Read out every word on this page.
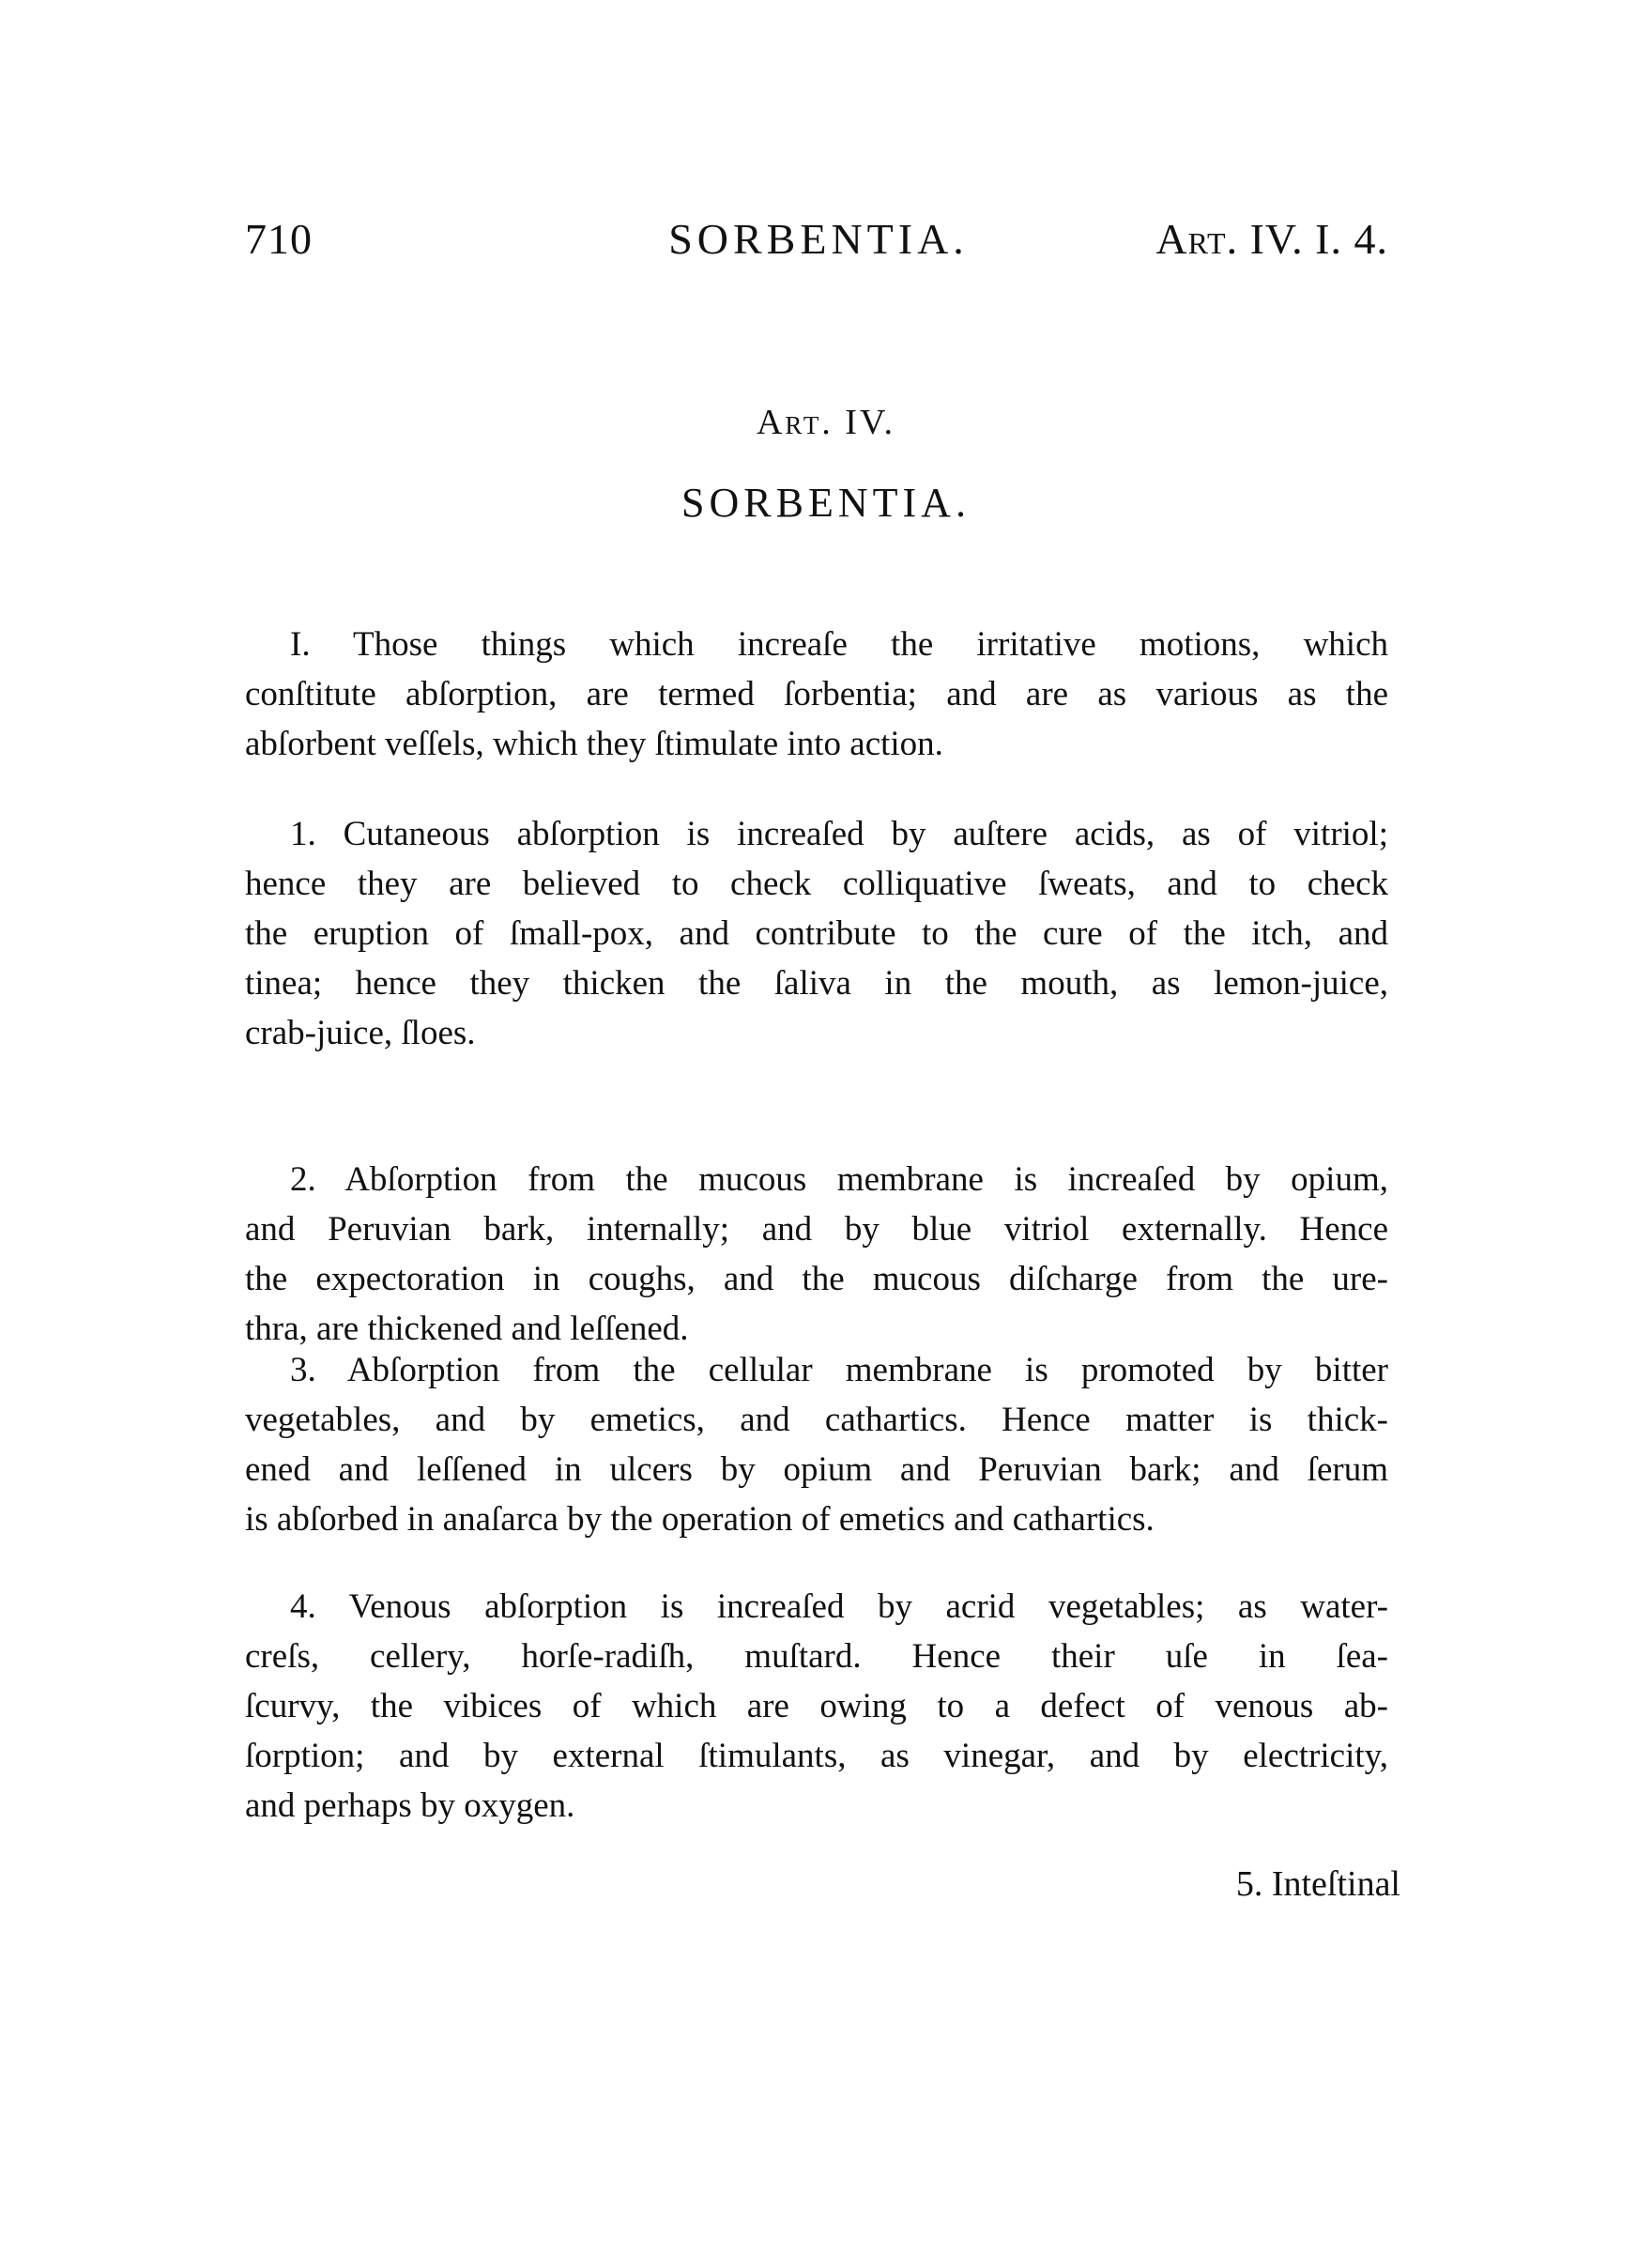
710	SORBENTIA.	Art. IV. I. 4.
Art. IV.
SORBENTIA.
I. Those things which increaſe the irritative motions, which
conſtitute abſorption, are termed ſorbentia; and are as various as the
abſorbent veſſels, which they ſtimulate into action.
1. Cutaneous abſorption is increaſed by auſtere acids, as of vitriol;
hence they are believed to check colliquative ſweats, and to check
the eruption of ſmall-pox, and contribute to the cure of the itch, and
tinea; hence they thicken the ſaliva in the mouth, as lemon-juice,
crab-juice, ſloes.
2. Abſorption from the mucous membrane is increaſed by opium,
and Peruvian bark, internally; and by blue vitriol externally. Hence
the expectoration in coughs, and the mucous diſcharge from the ure-
thra, are thickened and leſſened.
3. Abſorption from the cellular membrane is promoted by bitter
vegetables, and by emetics, and cathartics. Hence matter is thick-
ened and leſſened in ulcers by opium and Peruvian bark; and ſerum
is abſorbed in anaſarca by the operation of emetics and cathartics.
4. Venous abſorption is increaſed by acrid vegetables; as water-
creſs, cellery, horſe-radiſh, muſtard. Hence their uſe in ſea-
ſcurvy, the vibices of which are owing to a defect of venous ab-
ſorption; and by external ſtimulants, as vinegar, and by electricity,
and perhaps by oxygen.
5. Inteſtinal
